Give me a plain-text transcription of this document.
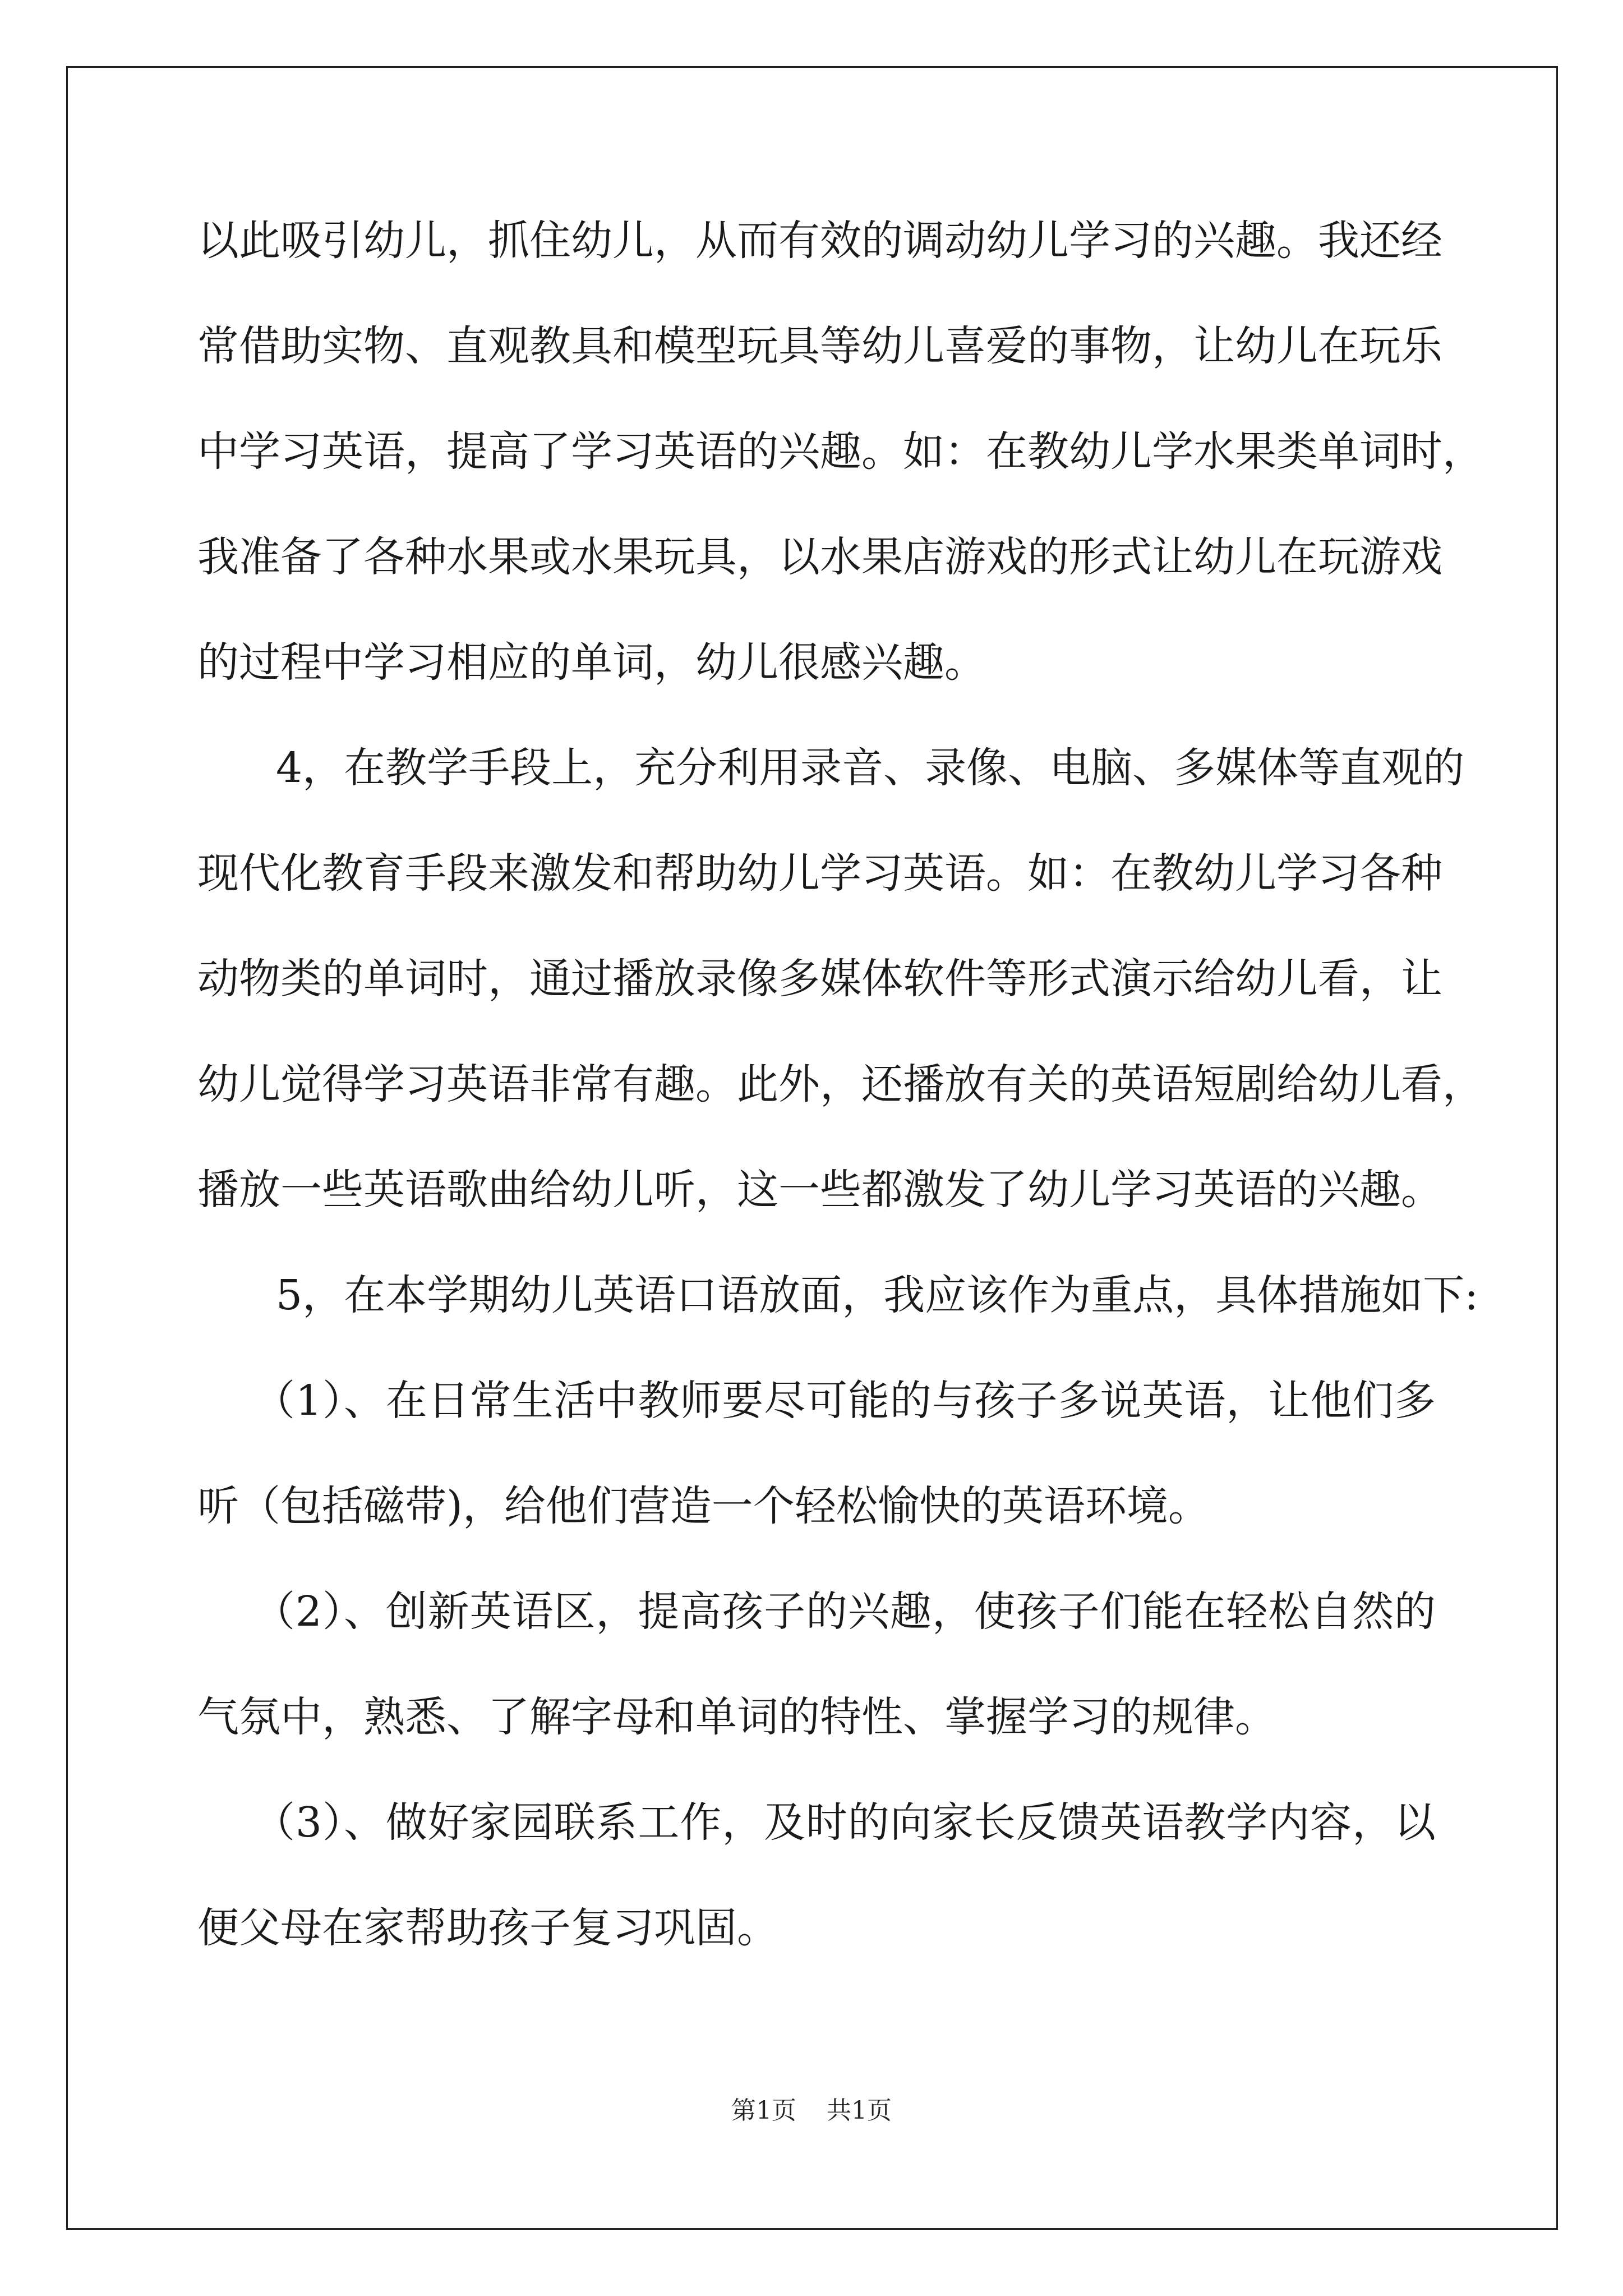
以此吸引幼儿，抓住幼儿，从而有效的调动幼儿学习的兴趣。我还经
常借助实物、直观教具和模型玩具等幼儿喜爱的事物，让幼儿在玩乐
中学习英语，提高了学习英语的兴趣。如：在教幼儿学水果类单词时，
我准备了各种水果或水果玩具，以水果店游戏的形式让幼儿在玩游戏
的过程中学习相应的单词，幼儿很感兴趣。
4，在教学手段上，充分利用录音、录像、电脑、多媒体等直观的
现代化教育手段来激发和帮助幼儿学习英语。如：在教幼儿学习各种
动物类的单词时，通过播放录像多媒体软件等形式演示给幼儿看，让
幼儿觉得学习英语非常有趣。此外，还播放有关的英语短剧给幼儿看，
播放一些英语歌曲给幼儿听，这一些都激发了幼儿学习英语的兴趣。
5，在本学期幼儿英语口语放面，我应该作为重点，具体措施如下:
（1）、在日常生活中教师要尽可能的与孩子多说英语，让他们多
听（包括磁带)，给他们营造一个轻松愉快的英语环境。
（2）、创新英语区，提高孩子的兴趣，使孩子们能在轻松自然的
气氛中，熟悉、了解字母和单词的特性、掌握学习的规律。
（3）、做好家园联系工作，及时的向家长反馈英语教学内容，以
便父母在家帮助孩子复习巩固。
第1页 共1页
